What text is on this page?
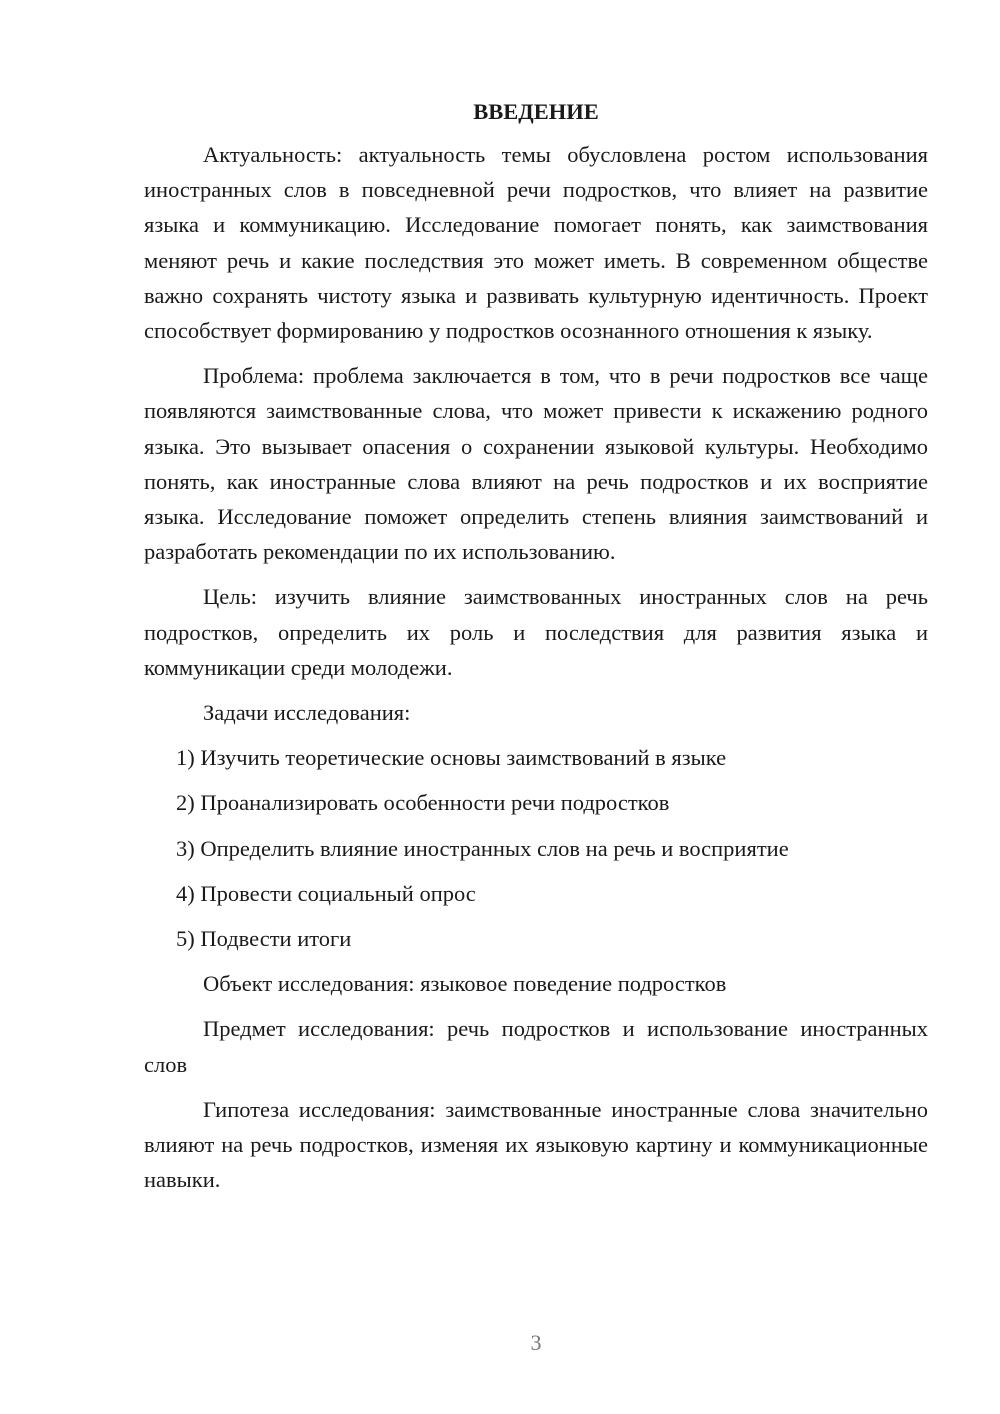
ВВЕДЕНИЕ

Актуальность: актуальность темы обусловлена ростом использования иностранных слов в повседневной речи подростков, что влияет на развитие языка и коммуникацию. Исследование помогает понять, как заимствования меняют речь и какие последствия это может иметь. В современном обществе важно сохранять чистоту языка и развивать культурную идентичность. Проект способствует формированию у подростков осознанного отношения к языку.

Проблема: проблема заключается в том, что в речи подростков все чаще появляются заимствованные слова, что может привести к искажению родного языка. Это вызывает опасения о сохранении языковой культуры. Необходимо понять, как иностранные слова влияют на речь подростков и их восприятие языка. Исследование поможет определить степень влияния заимствований и разработать рекомендации по их использованию.

Цель: изучить влияние заимствованных иностранных слов на речь подростков, определить их роль и последствия для развития языка и коммуникации среди молодежи.

Задачи исследования:

1) Изучить теоретические основы заимствований в языке
2) Проанализировать особенности речи подростков
3) Определить влияние иностранных слов на речь и восприятие
4) Провести социальный опрос
5) Подвести итоги

Объект исследования: языковое поведение подростков

Предмет исследования: речь подростков и использование иностранных слов

Гипотеза исследования: заимствованные иностранные слова значительно влияют на речь подростков, изменяя их языковую картину и коммуникационные навыки.

3
